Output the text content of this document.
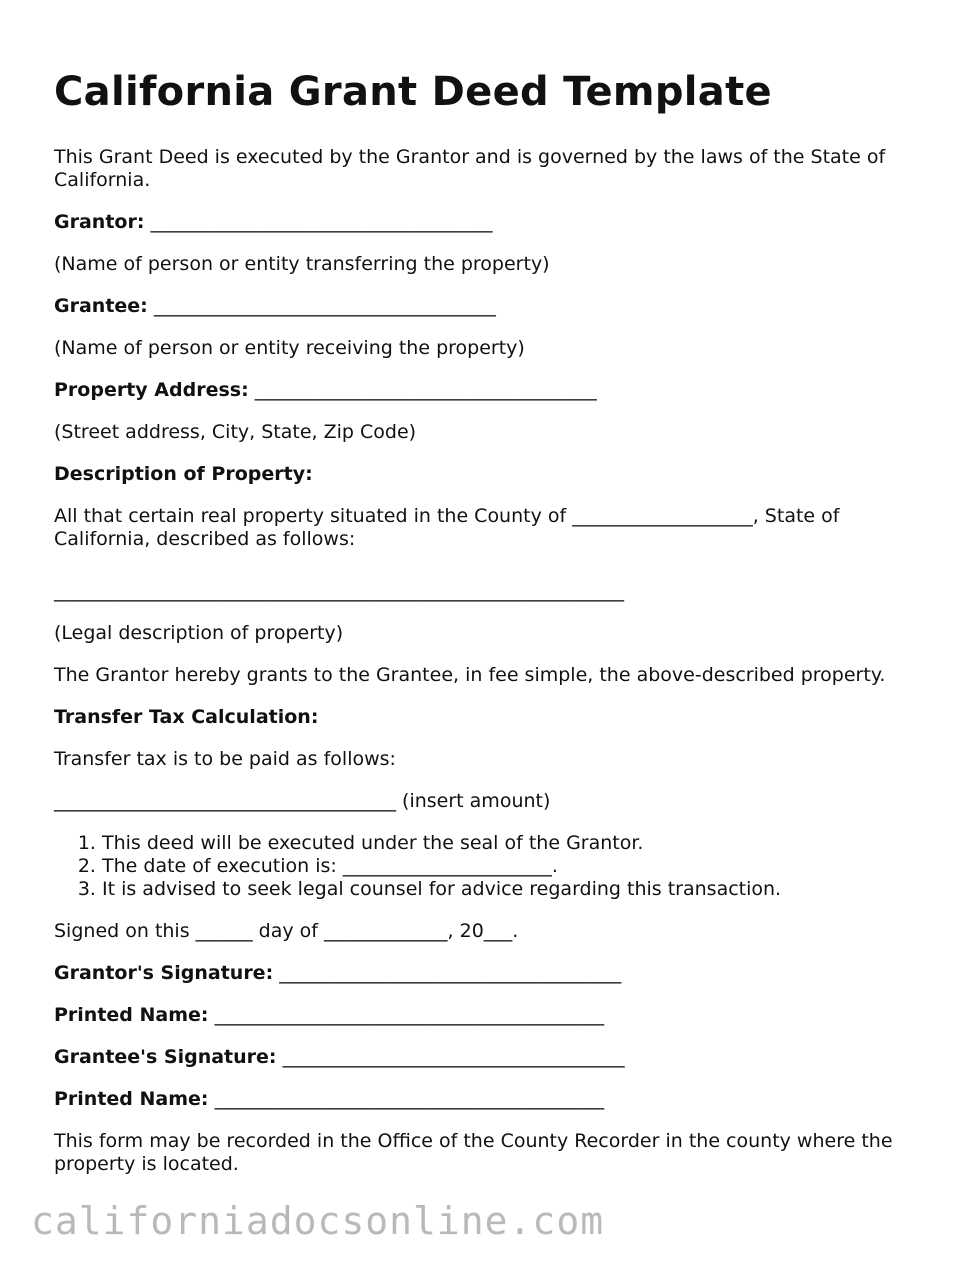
California Grant Deed Template

This Grant Deed is executed by the Grantor and is governed by the laws of the State of California.

Grantor: ____________________________________

(Name of person or entity transferring the property)

Grantee: ____________________________________

(Name of person or entity receiving the property)

Property Address: ____________________________________

(Street address, City, State, Zip Code)

Description of Property:

All that certain real property situated in the County of ___________________, State of California, described as follows:

____________________________________________________________

(Legal description of property)

The Grantor hereby grants to the Grantee, in fee simple, the above-described property.

Transfer Tax Calculation:

Transfer tax is to be paid as follows:

____________________________________ (insert amount)

1. This deed will be executed under the seal of the Grantor.
2. The date of execution is: ______________________.
3. It is advised to seek legal counsel for advice regarding this transaction.

Signed on this ______ day of _____________, 20___.

Grantor's Signature: ____________________________________

Printed Name: _________________________________________

Grantee's Signature: ____________________________________

Printed Name: _________________________________________

This form may be recorded in the Office of the County Recorder in the county where the property is located.

californiadocsonline.com
